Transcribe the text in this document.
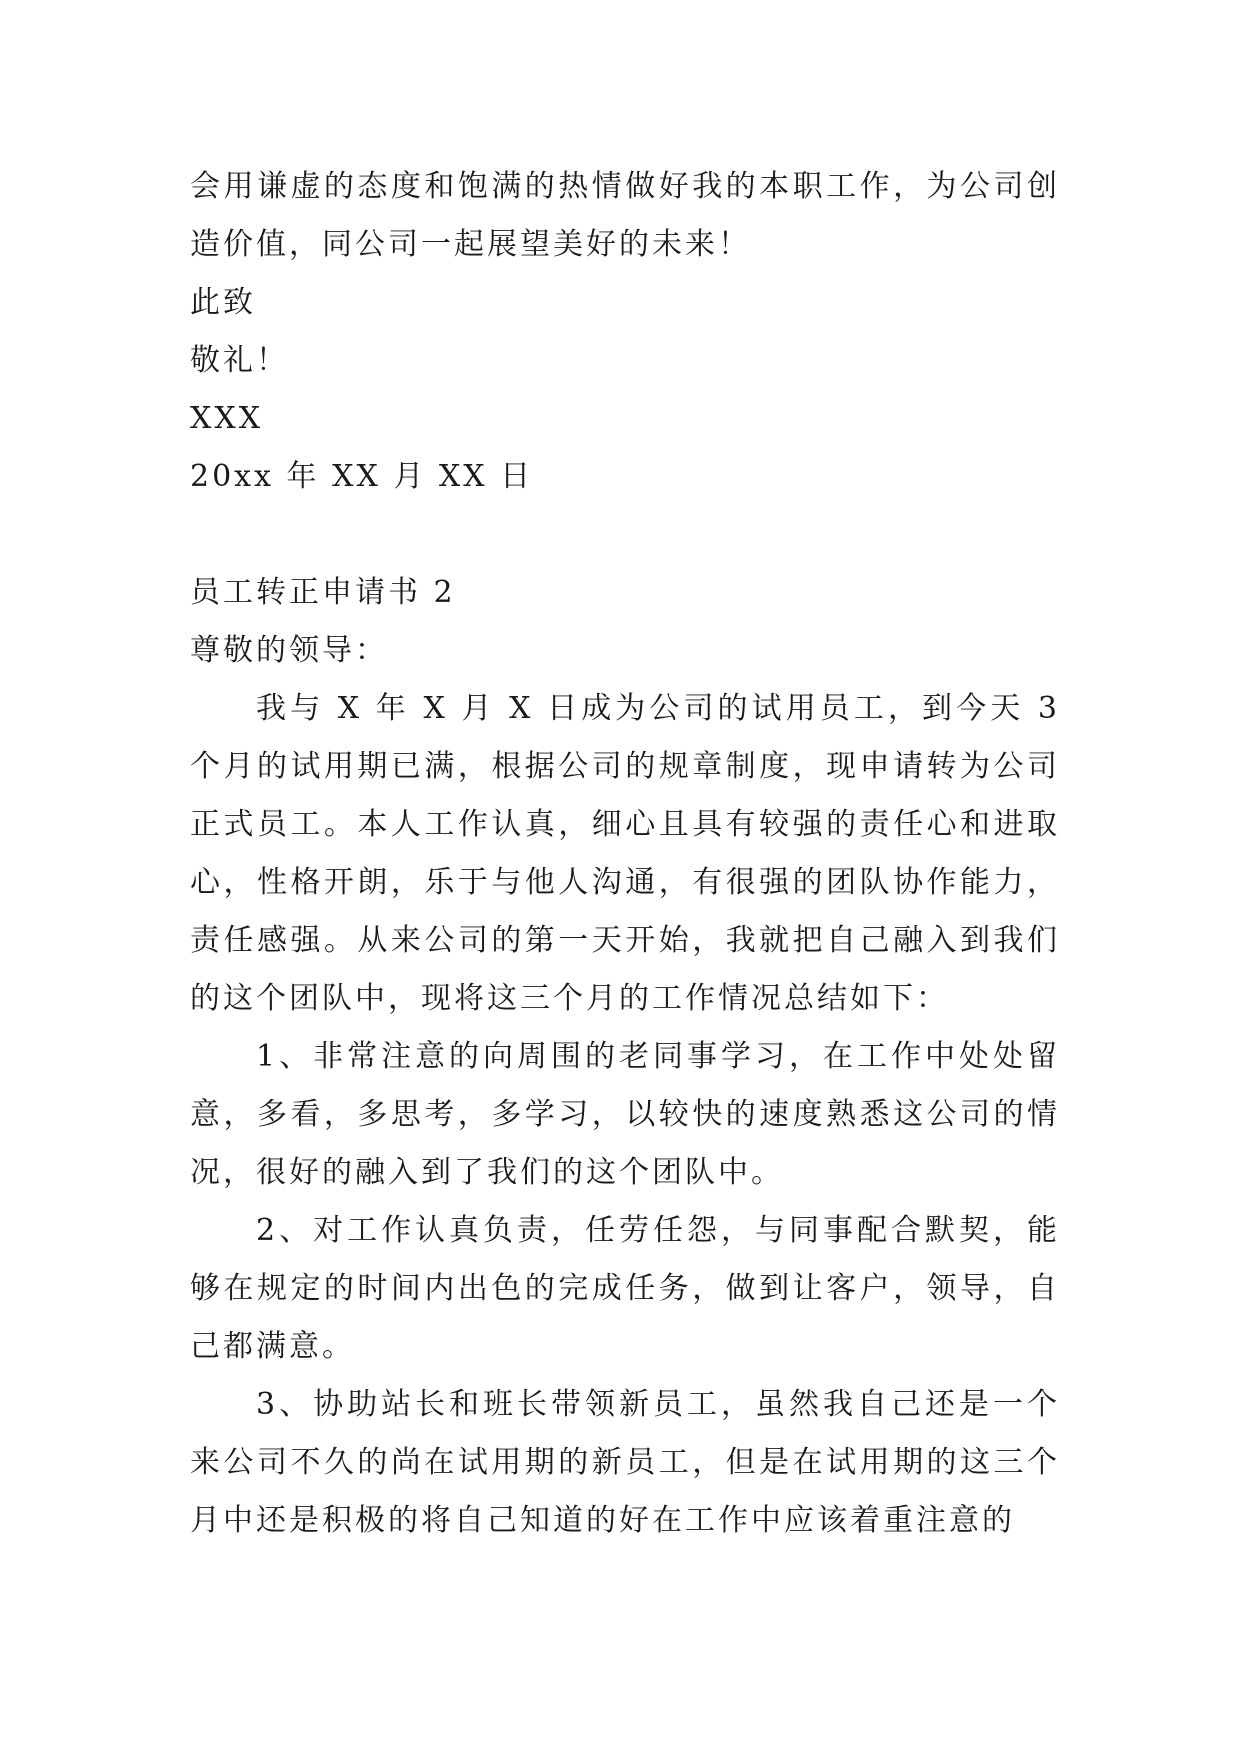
会用谦虚的态度和饱满的热情做好我的本职工作，为公司创造价值，同公司一起展望美好的未来！

此致
敬礼！
XXX
20xx 年 XX 月 XX 日
员工转正申请书 2
尊敬的领导：

我与 X 年 X 月 X 日成为公司的试用员工，到今天 3 个月的试用期已满，根据公司的规章制度，现申请转为公司正式员工。本人工作认真，细心且具有较强的责任心和进取心，性格开朗，乐于与他人沟通，有很强的团队协作能力，责任感强。从来公司的第一天开始，我就把自己融入到我们的这个团队中，现将这三个月的工作情况总结如下：

1、非常注意的向周围的老同事学习，在工作中处处留意，多看，多思考，多学习，以较快的速度熟悉这公司的情况，很好的融入到了我们的这个团队中。

2、对工作认真负责，任劳任怨，与同事配合默契，能够在规定的时间内出色的完成任务，做到让客户，领导，自己都满意。

3、协助站长和班长带领新员工，虽然我自己还是一个来公司不久的尚在试用期的新员工，但是在试用期的这三个月中还是积极的将自己知道的好在工作中应该着重注意的
